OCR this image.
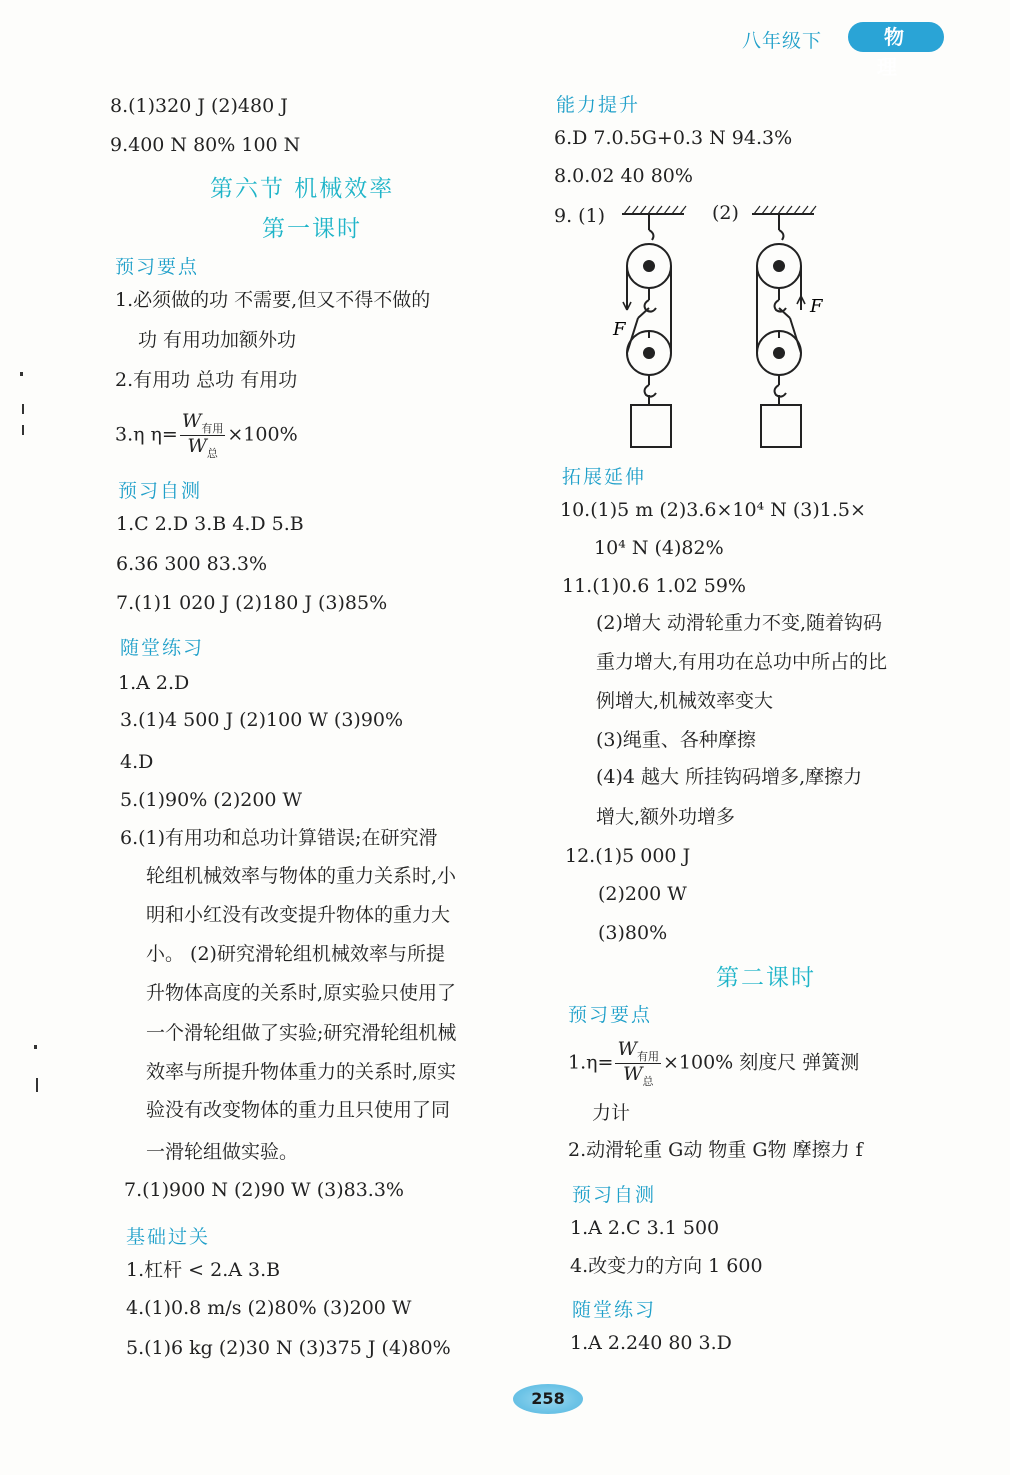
八年级下	物 理
8.(1)320 J (2)480 J
9.400 N 80% 100 N
第六节 机械效率
第一课时
预习要点
1.必须做的功 不需要,但又不得不做的
功 有用功加额外功
2.有用功 总功 有用功
3.η $\eta= \frac{W_{有用}}{W_总} \times 100\%$
预习自测
1.C 2.D 3.B 4.D 5.B
6.36 300 83.3%
7.(1)1 020 J (2)180 J (3)85%
随堂练习
1.A 2.D
3.(1)4 500 J (2)100 W (3)90%
4.D
5.(1)90% (2)200 W
6.(1)有用功和总功计算错误;在研究滑
轮组机械效率与物体的重力关系时,小
明和小红没有改变提升物体的重力大
小。 (2)研究滑轮组机械效率与所提
升物体高度的关系时,原实验只使用了
一个滑轮组做了实验;研究滑轮组机械
效率与所提升物体重力的关系时,原实
验没有改变物体的重力且只使用了同
一滑轮组做实验。
7.(1)900 N (2)90 W (3)83.3%
基础过关
1.杠杆 < 2.A 3.B
4.(1)0.8 m/s (2)80% (3)200 W
5.(1)6 kg (2)30 N (3)375 J (4)80%
能力提升
6.D 7.0.5G+0.3 N 94.3%
8.0.02 40 80%
9. (1)	(2)
F
F
拓展延伸
10.(1)5 m (2)3.6×10⁴ N (3)1.5×
10⁴ N (4)82%
11.(1)0.6 1.02 59%
(2)增大 动滑轮重力不变,随着钩码
重力增大,有用功在总功中所占的比
例增大,机械效率变大
(3)绳重、各种摩擦
(4)4 越大 所挂钩码增多,摩擦力
增大,额外功增多
12.(1)5 000 J
(2)200 W
(3)80%
第二课时
预习要点
$1.\eta= \frac{W_{有用}}{W_总} \times 100\%$ 刻度尺 弹簧测
力计
2.动滑轮重 G动 物重 G物 摩擦力 f
预习自测
1.A 2.C 3.1 500
4.改变力的方向 1 600
随堂练习
1.A 2.240 80 3.D
258
